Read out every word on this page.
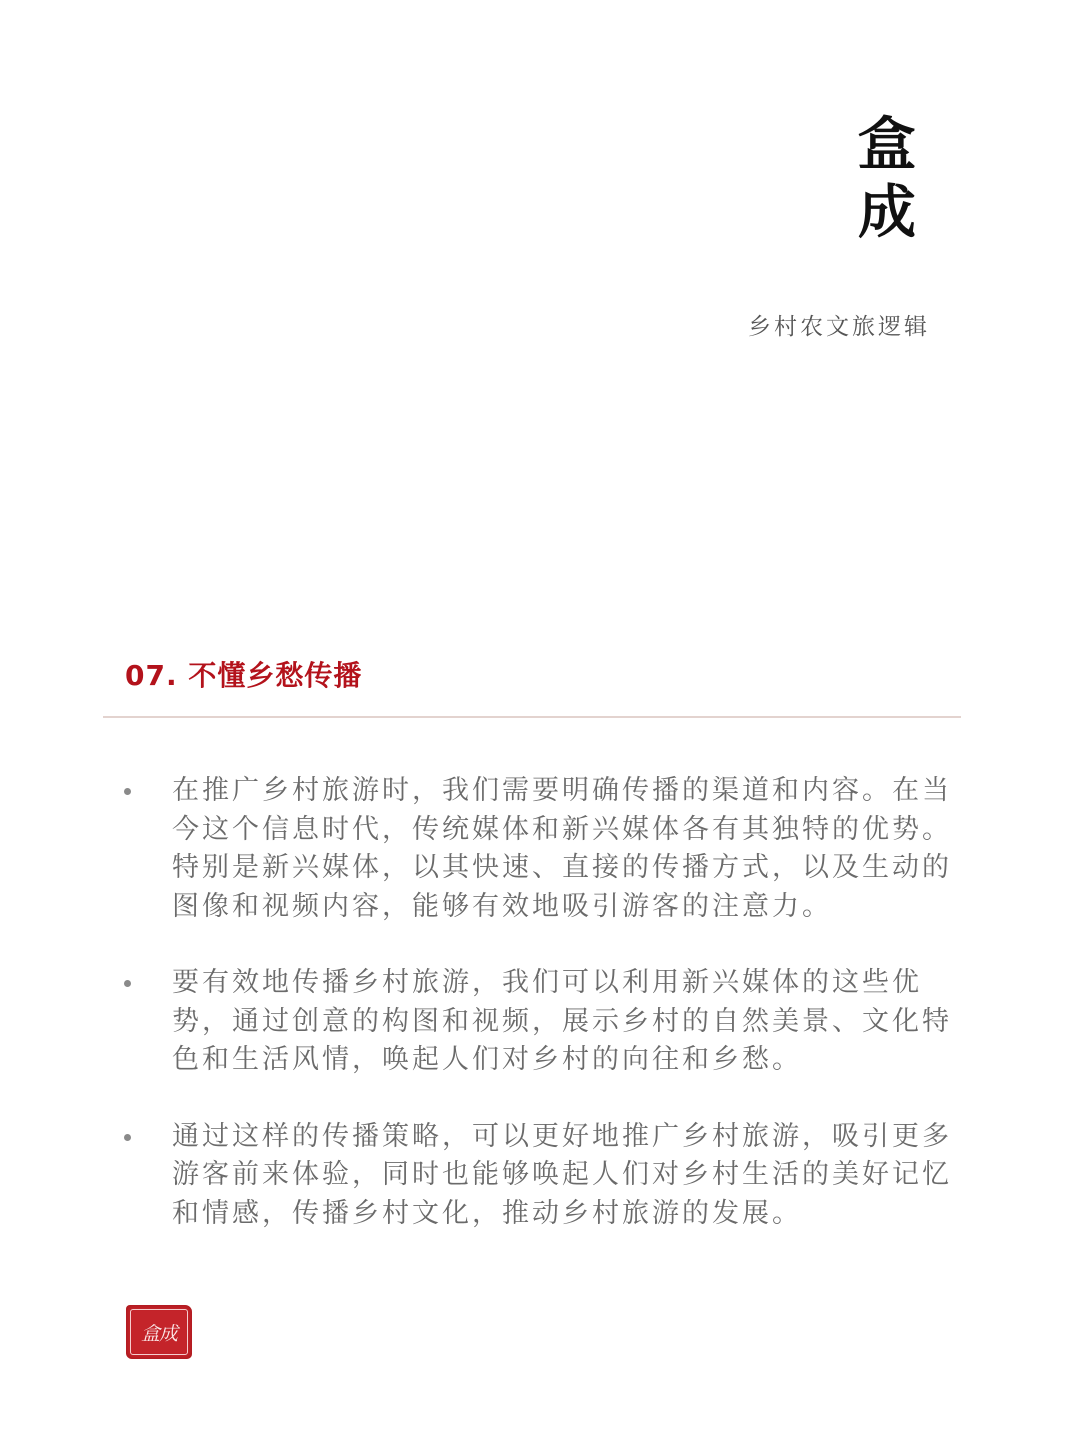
盒
成
乡村农文旅逻辑
07. 不懂乡愁传播
在推广乡村旅游时，我们需要明确传播的渠道和内容。在当今这个信息时代，传统媒体和新兴媒体各有其独特的优势。特别是新兴媒体，以其快速、直接的传播方式，以及生动的图像和视频内容，能够有效地吸引游客的注意力。
要有效地传播乡村旅游，我们可以利用新兴媒体的这些优势，通过创意的构图和视频，展示乡村的自然美景、文化特色和生活风情，唤起人们对乡村的向往和乡愁。
通过这样的传播策略，可以更好地推广乡村旅游，吸引更多游客前来体验，同时也能够唤起人们对乡村生活的美好记忆和情感，传播乡村文化，推动乡村旅游的发展。
盒成
